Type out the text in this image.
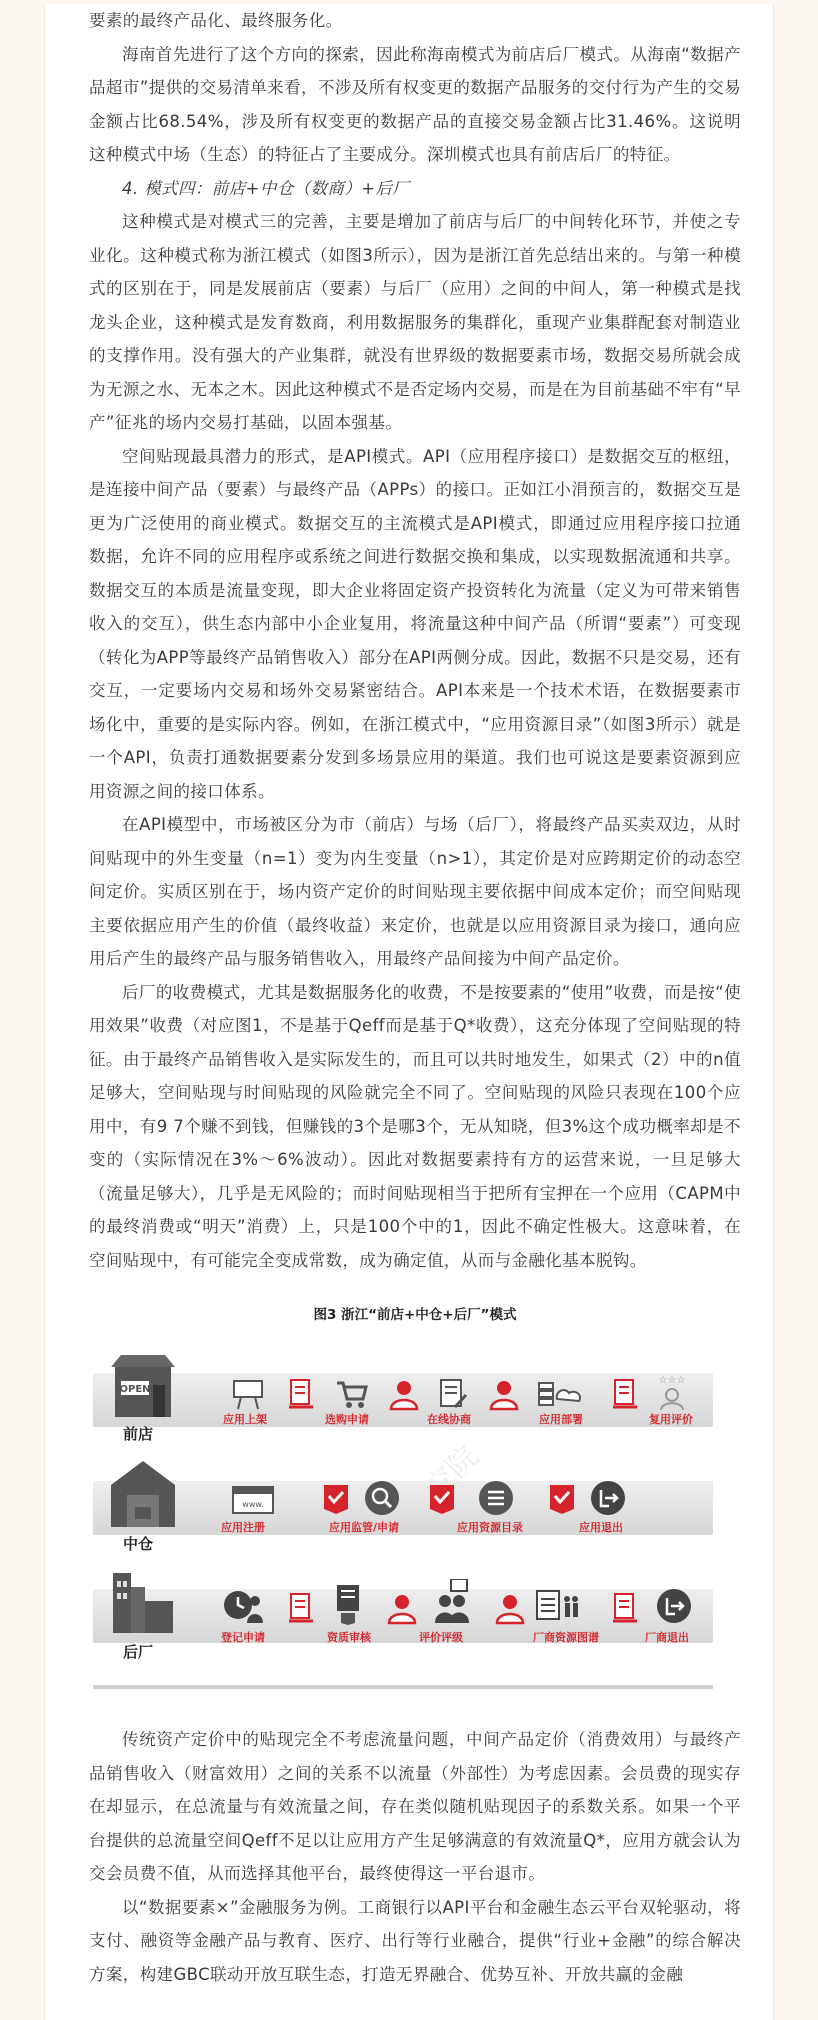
要素的最终产品化、最终服务化。

海南首先进行了这个方向的探索，因此称海南模式为前店后厂模式。从海南“数据产品超市”提供的交易清单来看，不涉及所有权变更的数据产品服务的交付行为产生的交易金额占比68.54%，涉及所有权变更的数据产品的直接交易金额占比31.46%。这说明这种模式中场（生态）的特征占了主要成分。深圳模式也具有前店后厂的特征。

4. 模式四：前店+中仓（数商）+后厂

这种模式是对模式三的完善，主要是增加了前店与后厂的中间转化环节，并使之专业化。这种模式称为浙江模式（如图3所示），因为是浙江首先总结出来的。与第一种模式的区别在于，同是发展前店（要素）与后厂（应用）之间的中间人，第一种模式是找龙头企业，这种模式是发育数商，利用数据服务的集群化，重现产业集群配套对制造业的支撑作用。没有强大的产业集群，就没有世界级的数据要素市场，数据交易所就会成为无源之水、无本之木。因此这种模式不是否定场内交易，而是在为目前基础不牢有“早产”征兆的场内交易打基础，以固本强基。

空间贴现最具潜力的形式，是API模式。API（应用程序接口）是数据交互的枢纽，是连接中间产品（要素）与最终产品（APPs）的接口。正如江小涓预言的，数据交互是更为广泛使用的商业模式。数据交互的主流模式是API模式，即通过应用程序接口拉通数据，允许不同的应用程序或系统之间进行数据交换和集成，以实现数据流通和共享。数据交互的本质是流量变现，即大企业将固定资产投资转化为流量（定义为可带来销售收入的交互），供生态内部中小企业复用，将流量这种中间产品（所谓“要素”）可变现（转化为APP等最终产品销售收入）部分在API两侧分成。因此，数据不只是交易，还有交互，一定要场内交易和场外交易紧密结合。API本来是一个技术术语，在数据要素市场化中，重要的是实际内容。例如，在浙江模式中，“应用资源目录”（如图3所示）就是一个API，负责打通数据要素分发到多场景应用的渠道。我们也可说这是要素资源到应用资源之间的接口体系。

在API模型中，市场被区分为市（前店）与场（后厂），将最终产品买卖双边，从时间贴现中的外生变量（n=1）变为内生变量（n>1），其定价是对应跨期定价的动态空间定价。实质区别在于，场内资产定价的时间贴现主要依据中间成本定价；而空间贴现主要依据应用产生的价值（最终收益）来定价，也就是以应用资源目录为接口，通向应用后产生的最终产品与服务销售收入，用最终产品间接为中间产品定价。

后厂的收费模式，尤其是数据服务化的收费，不是按要素的“使用”收费，而是按“使用效果”收费（对应图1，不是基于Qeff而是基于Q*收费），这充分体现了空间贴现的特征。由于最终产品销售收入是实际发生的，而且可以共时地发生，如果式（2）中的n值足够大，空间贴现与时间贴现的风险就完全不同了。空间贴现的风险只表现在100个应用中，有9 7个赚不到钱，但赚钱的3个是哪3个，无从知晓，但3%这个成功概率却是不变的（实际情况在3%～6%波动）。因此对数据要素持有方的运营来说，一旦足够大（流量足够大），几乎是无风险的；而时间贴现相当于把所有宝押在一个应用（CAPM中的最终消费或“明天”消费）上，只是100个中的1，因此不确定性极大。这意味着，在空间贴现中，有可能完全变成常数，成为确定值，从而与金融化基本脱钩。

图3 浙江“前店+中仓+后厂”模式
OPEN
前店
☆☆☆
应用上架	选购申请	在线协商	应用部署	复用评价
中仓
www.
应用注册	应用监管/申请	应用资源目录	应用退出
后厂
登记申请	资质审核	评价评级	厂商资源图谱	厂商退出

传统资产定价中的贴现完全不考虑流量问题，中间产品定价（消费效用）与最终产品销售收入（财富效用）之间的关系不以流量（外部性）为考虑因素。会员费的现实存在却显示，在总流量与有效流量之间，存在类似随机贴现因子的系数关系。如果一个平台提供的总流量空间Qeff不足以让应用方产生足够满意的有效流量Q*，应用方就会认为交会员费不值，从而选择其他平台，最终使得这一平台退市。

以“数据要素×”金融服务为例。工商银行以API平台和金融生态云平台双轮驱动，将支付、融资等金融产品与教育、医疗、出行等行业融合，提供“行业+金融”的综合解决方案，构建GBC联动开放互联生态，打造无界融合、优势互补、开放共赢的金融
